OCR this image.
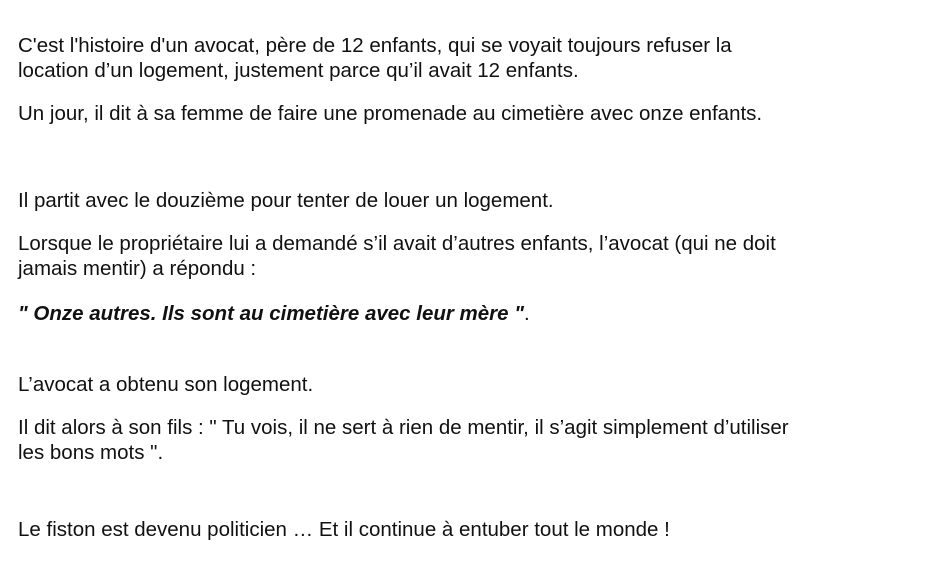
C'est l'histoire d'un avocat, père de 12 enfants, qui se voyait toujours refuser la
location d’un logement, justement parce qu’il avait 12 enfants.

Un jour, il dit à sa femme de faire une promenade au cimetière avec onze enfants.

Il partit avec le douzième pour tenter de louer un logement.

Lorsque le propriétaire lui a demandé s’il avait d’autres enfants, l’avocat (qui ne doit
jamais mentir) a répondu :

" Onze autres. Ils sont au cimetière avec leur mère ".

L’avocat a obtenu son logement.

Il dit alors à son fils : " Tu vois, il ne sert à rien de mentir, il s’agit simplement d’utiliser
les bons mots ".

Le fiston est devenu politicien … Et il continue à entuber tout le monde !
